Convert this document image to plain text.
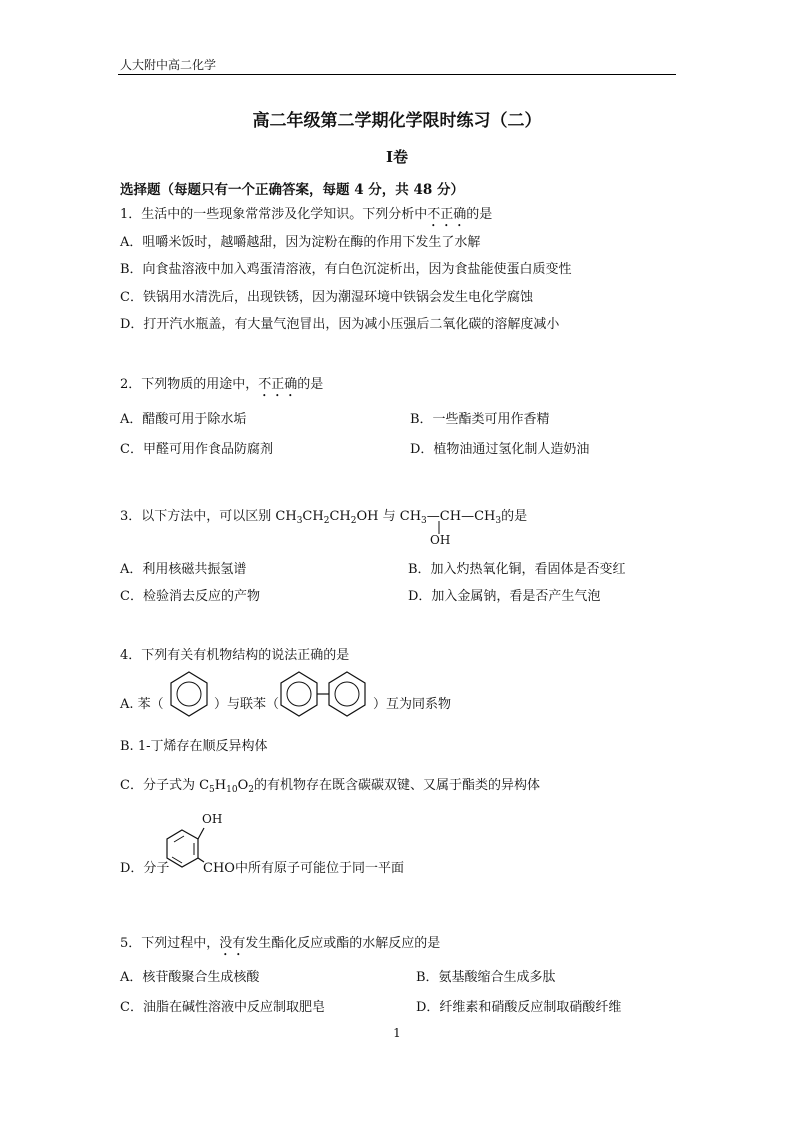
人大附中高二化学
高二年级第二学期化学限时练习（二）
I卷
选择题（每题只有一个正确答案，每题 4 分，共 48 分）
1．生活中的一些现象常常涉及化学知识。下列分析中不正确的是
A．咀嚼米饭时，越嚼越甜，因为淀粉在酶的作用下发生了水解
B．向食盐溶液中加入鸡蛋清溶液，有白色沉淀析出，因为食盐能使蛋白质变性
C．铁锅用水清洗后，出现铁锈，因为潮湿环境中铁锅会发生电化学腐蚀
D．打开汽水瓶盖，有大量气泡冒出，因为减小压强后二氧化碳的溶解度减小
2．下列物质的用途中，不正确的是
A．醋酸可用于除水垢	B．一些酯类可用作香精
C．甲醛可用作食品防腐剂	D．植物油通过氢化制人造奶油
3．以下方法中，可以区别 $CH_3CH_2CH_2OH$ 与 $CH_3—CH—CH_3$的是
OH
A．利用核磁共振氢谱	B．加入灼热氧化铜，看固体是否变红
C．检验消去反应的产物	D．加入金属钠，看是否产生气泡
4．下列有关有机物结构的说法正确的是
A. 苯（	）与联苯（	）互为同系物
B. 1-丁烯存在顺反异构体
C．分子式为 $C_5H_{10}O_2$的有机物存在既含碳碳双键、又属于酯类的异构体
D．分子
OH
CHO中所有原子可能位于同一平面
5．下列过程中，没有发生酯化反应或酯的水解反应的是
A．核苷酸聚合生成核酸	B．氨基酸缩合生成多肽
C．油脂在碱性溶液中反应制取肥皂	D．纤维素和硝酸反应制取硝酸纤维
1
